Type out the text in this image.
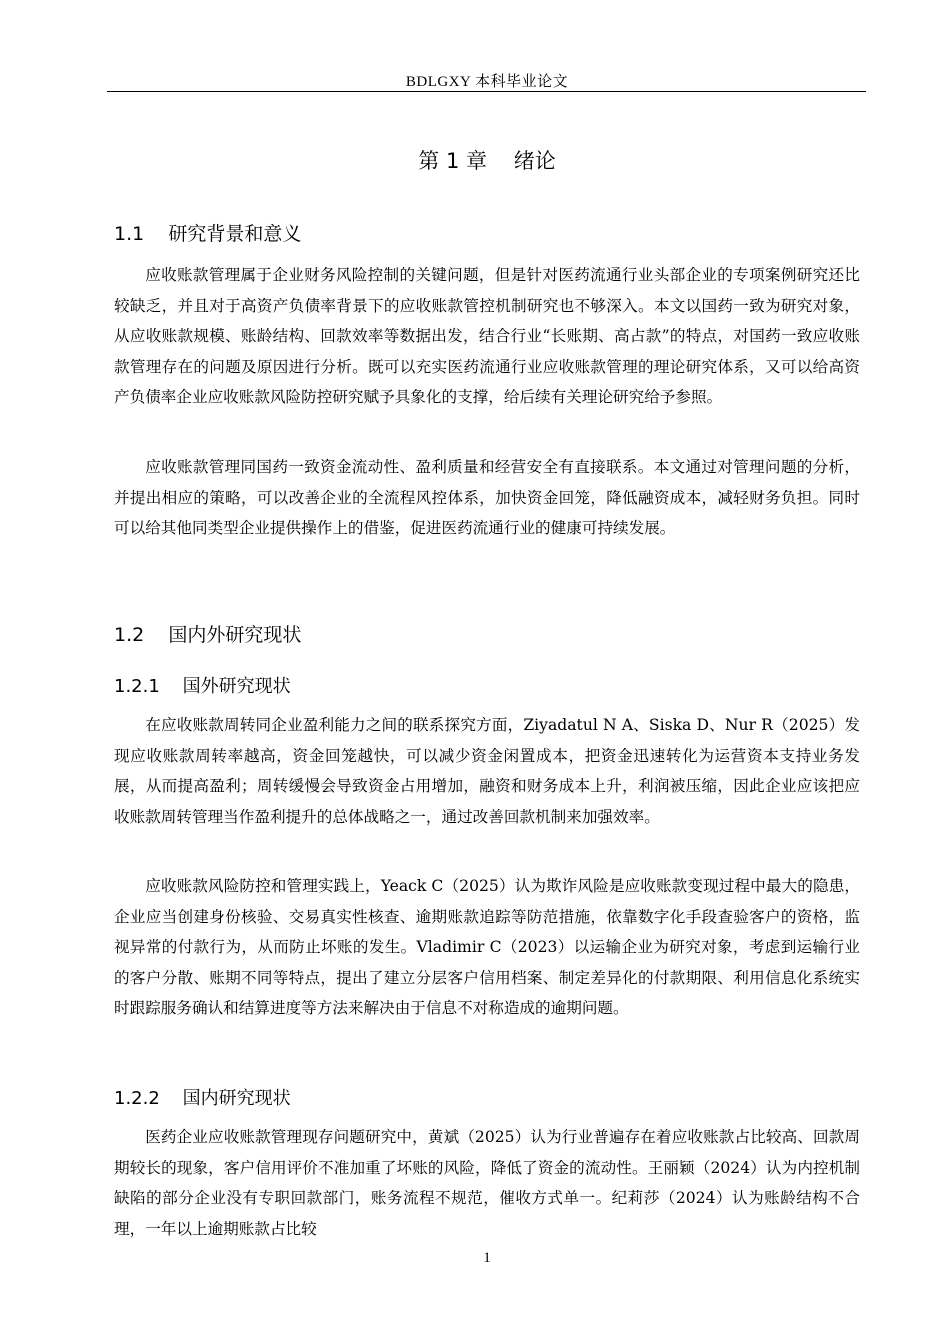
BDLGXY 本科毕业论文
第 1 章    绪论
1.1    研究背景和意义

应收账款管理属于企业财务风险控制的关键问题，但是针对医药流通行业头部企业的专项案例研究还比较缺乏，并且对于高资产负债率背景下的应收账款管控机制研究也不够深入。本文以国药一致为研究对象，从应收账款规模、账龄结构、回款效率等数据出发，结合行业“长账期、高占款”的特点，对国药一致应收账款管理存在的问题及原因进行分析。既可以充实医药流通行业应收账款管理的理论研究体系，又可以给高资产负债率企业应收账款风险防控研究赋予具象化的支撑，给后续有关理论研究给予参照。

应收账款管理同国药一致资金流动性、盈利质量和经营安全有直接联系。本文通过对管理问题的分析，并提出相应的策略，可以改善企业的全流程风控体系，加快资金回笼，降低融资成本，减轻财务负担。同时可以给其他同类型企业提供操作上的借鉴，促进医药流通行业的健康可持续发展。

1.2    国内外研究现状
1.2.1    国外研究现状

在应收账款周转同企业盈利能力之间的联系探究方面，Ziyadatul N A、Siska D、Nur R（2025）发现应收账款周转率越高，资金回笼越快，可以减少资金闲置成本，把资金迅速转化为运营资本支持业务发展，从而提高盈利；周转缓慢会导致资金占用增加，融资和财务成本上升，利润被压缩，因此企业应该把应收账款周转管理当作盈利提升的总体战略之一，通过改善回款机制来加强效率。

应收账款风险防控和管理实践上，Yeack C（2025）认为欺诈风险是应收账款变现过程中最大的隐患，企业应当创建身份核验、交易真实性核查、逾期账款追踪等防范措施，依靠数字化手段查验客户的资格，监视异常的付款行为，从而防止坏账的发生。Vladimir C（2023）以运输企业为研究对象，考虑到运输行业的客户分散、账期不同等特点，提出了建立分层客户信用档案、制定差异化的付款期限、利用信息化系统实时跟踪服务确认和结算进度等方法来解决由于信息不对称造成的逾期问题。

1.2.2    国内研究现状

医药企业应收账款管理现存问题研究中，黄斌（2025）认为行业普遍存在着应收账款占比较高、回款周期较长的现象，客户信用评价不准加重了坏账的风险，降低了资金的流动性。王丽颖（2024）认为内控机制缺陷的部分企业没有专职回款部门，账务流程不规范，催收方式单一。纪莉莎（2024）认为账龄结构不合理，一年以上逾期账款占比较

1
